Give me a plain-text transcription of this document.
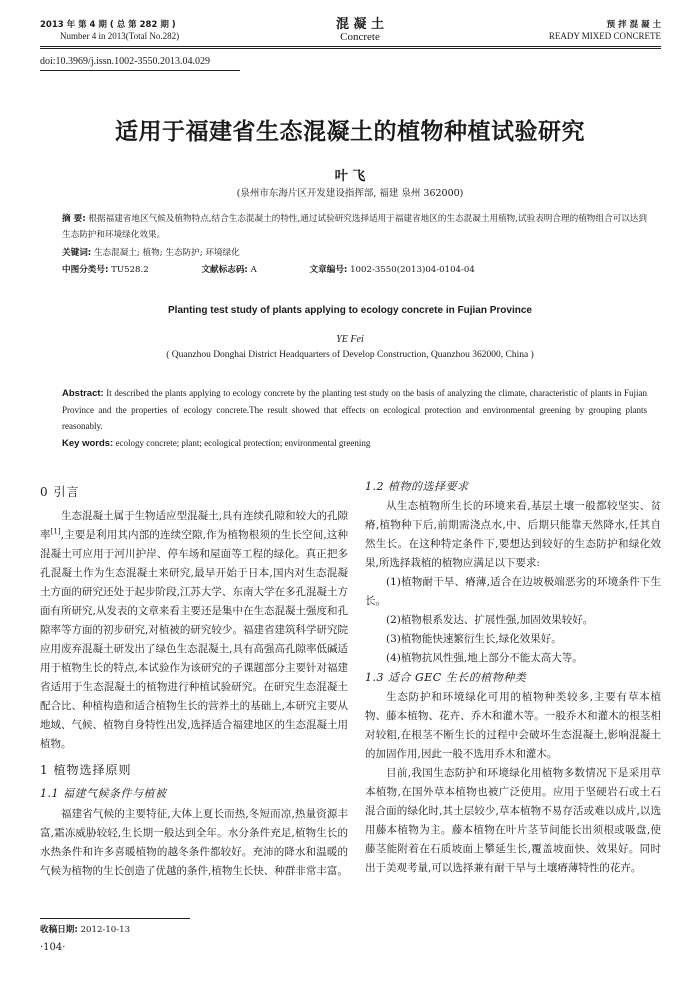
2013 年 第 4 期 ( 总 第 282 期 )
Number 4 in 2013(Total No.282)
混 凝 土
Concrete
预 拌 混 凝 土
READY MIXED CONCRETE
doi:10.3969/j.issn.1002-3550.2013.04.029
适用于福建省生态混凝土的植物种植试验研究
叶 飞
(泉州市东海片区开发建设指挥部, 福建 泉州 362000)
摘 要: 根据福建省地区气候及植物特点,结合生态混凝土的特性,通过试验研究选择适用于福建省地区的生态混凝土用植物,试验表明合理的植物组合可以达到生态防护和环境绿化效果。
关键词: 生态混凝土; 植物; 生态防护; 环境绿化
中图分类号: TU528.2	文献标志码: A	文章编号: 1002-3550(2013)04-0104-04
Planting test study of plants applying to ecology concrete in Fujian Province
YE Fei
( Quanzhou Donghai District Headquarters of Develop Construction, Quanzhou 362000, China )
Abstract: It described the plants applying to ecology concrete by the planting test study on the basis of analyzing the climate, characteristic of plants in Fujian Province and the properties of ecology concrete.The result showed that effects on ecological protection and environmental greening by grouping plants reasonably.
Key words: ecology concrete; plant; ecological protection; environmental greening
0 引言

生态混凝土属于生物适应型混凝土,具有连续孔隙和较大的孔隙率[1],主要是利用其内部的连续空隙,作为植物根须的生长空间,这种混凝土可应用于河川护岸、停车场和屋面等工程的绿化。真正把多孔混凝土作为生态混凝土来研究,最早开始于日本,国内对生态混凝土方面的研究还处于起步阶段,江苏大学、东南大学在多孔混凝土方面有所研究,从发表的文章来看主要还是集中在生态混凝土强度和孔隙率等方面的初步研究,对植被的研究较少。福建省建筑科学研究院应用废弃混凝土研发出了绿色生态混凝土,具有高强高孔隙率低碱适用于植物生长的特点,本试验作为该研究的子课题部分主要针对福建省适用于生态混凝土的植物进行种植试验研究。在研究生态混凝土配合比、种植构造和适合植物生长的营养土的基础上,本研究主要从地域、气候、植物自身特性出发,选择适合福建地区的生态混凝土用植物。

1 植物选择原则
1.1 福建气候条件与植被

福建省气候的主要特征,大体上夏长而热,冬短而凉,热量资源丰富,霜冻威胁较轻,生长期一般达到全年。水分条件充足,植物生长的水热条件和许多喜暖植物的越冬条件都较好。充沛的降水和温暖的气候为植物的生长创造了优越的条件,植物生长快、种群非常丰富。

收稿日期: 2012-10-13
·104·
1.2 植物的选择要求

从生态植物所生长的环境来看,基层土壤一般都较坚实、贫瘠,植物种下后,前期需浇点水,中、后期只能靠天然降水,任其自然生长。在这种特定条件下,要想达到较好的生态防护和绿化效果,所选择栽植的植物应满足以下要求:

(1)植物耐干旱、瘠薄,适合在边坡极端恶劣的环境条件下生长。

(2)植物根系发达、扩展性强,加固效果较好。

(3)植物能快速繁衍生长,绿化效果好。

(4)植物抗风性强,地上部分不能太高大等。

1.3 适合 GEC 生长的植物种类

生态防护和环境绿化可用的植物种类较多,主要有草本植物、藤本植物、花卉、乔木和灌木等。一般乔木和灌木的根茎相对较粗,在根茎不断生长的过程中会破坏生态混凝土,影响混凝土的加固作用,因此一般不选用乔木和灌木。

目前,我国生态防护和环境绿化用植物多数情况下是采用草本植物,在国外草本植物也被广泛使用。应用于坚硬岩石或土石混合面的绿化时,其土层较少,草本植物不易存活或难以成片,以选用藤本植物为主。藤本植物在叶片茎节间能长出须根或吸盘,使藤茎能附着在石质坡面上攀延生长,覆盖坡面快、效果好。同时出于美观考量,可以选择兼有耐干旱与土壤瘠薄特性的花卉。
